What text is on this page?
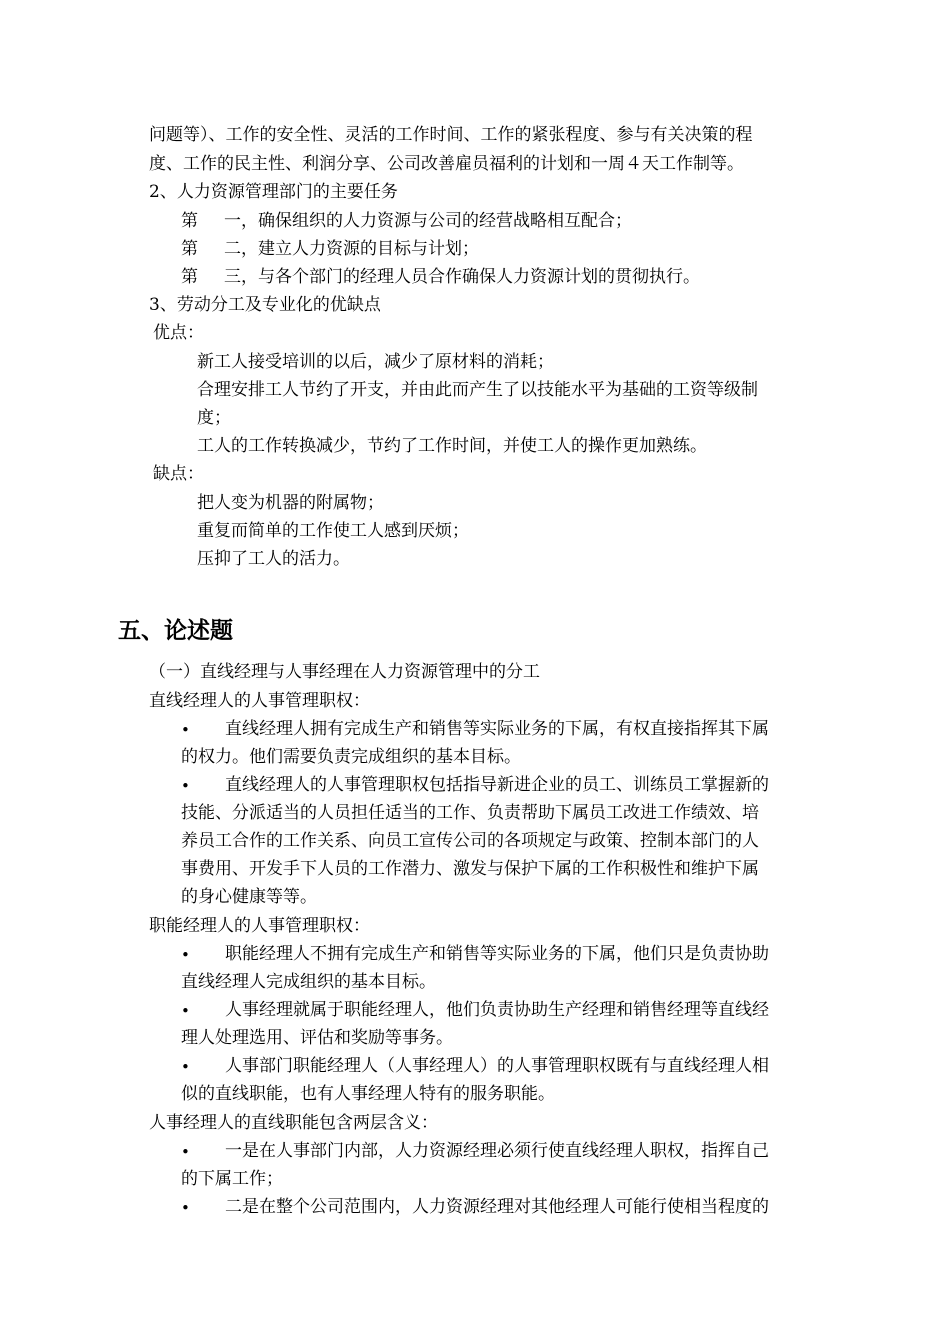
问题等）、工作的安全性、灵活的工作时间、工作的紧张程度、参与有关决策的程
度、工作的民主性、利润分享、公司改善雇员福利的计划和一周４天工作制等。
2、人力资源管理部门的主要任务
第 一，确保组织的人力资源与公司的经营战略相互配合；
第 二，建立人力资源的目标与计划；
第 三，与各个部门的经理人员合作确保人力资源计划的贯彻执行。
3、劳动分工及专业化的优缺点
优点：
新工人接受培训的以后，减少了原材料的消耗；
合理安排工人节约了开支，并由此而产生了以技能水平为基础的工资等级制
度；
工人的工作转换减少，节约了工作时间，并使工人的操作更加熟练。
缺点：
把人变为机器的附属物；
重复而简单的工作使工人感到厌烦；
压抑了工人的活力。
五、论述题
（一）直线经理与人事经理在人力资源管理中的分工
直线经理人的人事管理职权：
• 直线经理人拥有完成生产和销售等实际业务的下属，有权直接指挥其下属
的权力。他们需要负责完成组织的基本目标。
• 直线经理人的人事管理职权包括指导新进企业的员工、训练员工掌握新的
技能、分派适当的人员担任适当的工作、负责帮助下属员工改进工作绩效、培
养员工合作的工作关系、向员工宣传公司的各项规定与政策、控制本部门的人
事费用、开发手下人员的工作潜力、激发与保护下属的工作积极性和维护下属
的身心健康等等。
职能经理人的人事管理职权：
• 职能经理人不拥有完成生产和销售等实际业务的下属，他们只是负责协助
直线经理人完成组织的基本目标。
• 人事经理就属于职能经理人，他们负责协助生产经理和销售经理等直线经
理人处理选用、评估和奖励等事务。
• 人事部门职能经理人（人事经理人）的人事管理职权既有与直线经理人相
似的直线职能，也有人事经理人特有的服务职能。
人事经理人的直线职能包含两层含义：
• 一是在人事部门内部，人力资源经理必须行使直线经理人职权，指挥自己
的下属工作；
• 二是在整个公司范围内，人力资源经理对其他经理人可能行使相当程度的
